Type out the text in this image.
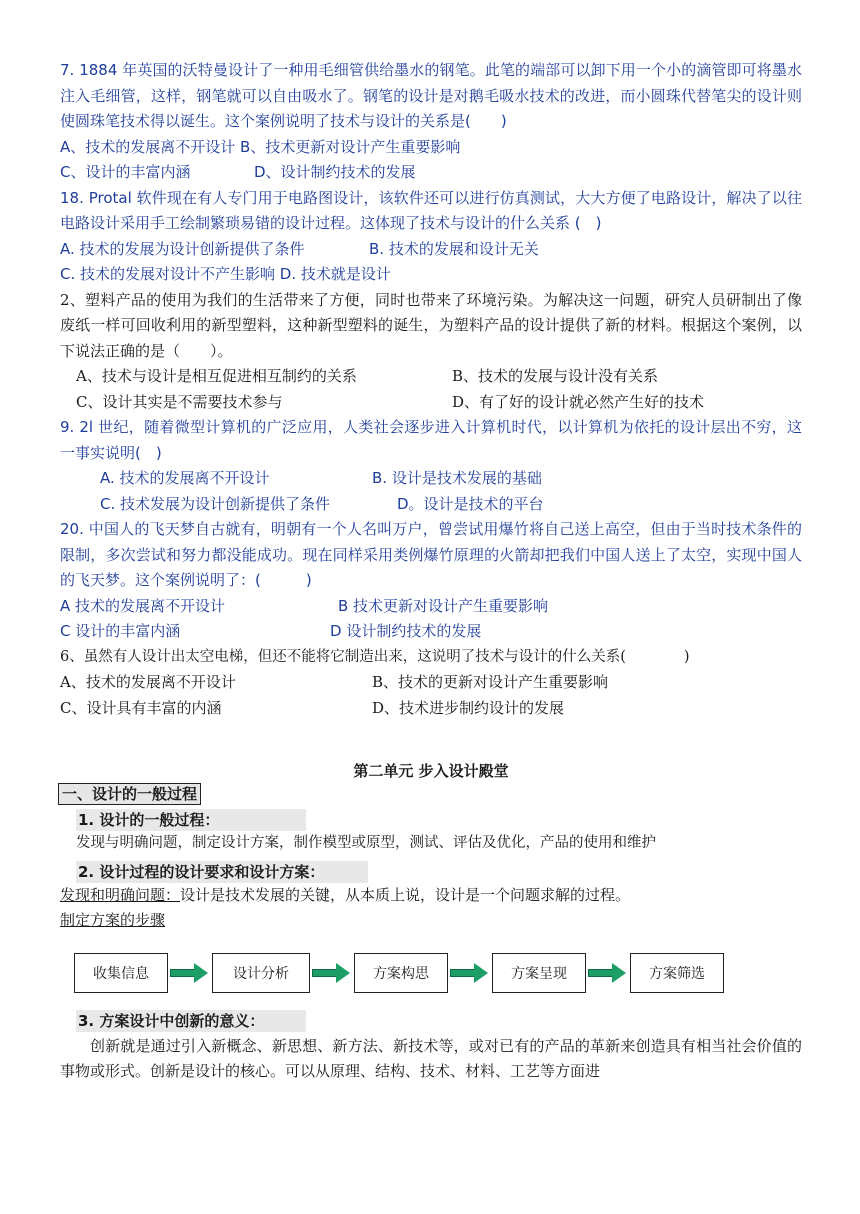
7. 1884 年英国的沃特曼设计了一种用毛细管供给墨水的钢笔。此笔的端部可以卸下用一个小的滴管即可将墨水注入毛细管，这样，钢笔就可以自由吸水了。钢笔的设计是对鹅毛吸水技术的改进，而小圆珠代替笔尖的设计则使圆珠笔技术得以诞生。这个案例说明了技术与设计的关系是(　　)

A、技术的发展离不开设计 B、技术更新对设计产生重要影响

C、设计的丰富内涵	D、设计制约技术的发展

18. Protal 软件现在有人专门用于电路图设计，该软件还可以进行仿真测试，大大方便了电路设计，解决了以往电路设计采用手工绘制繁琐易错的设计过程。这体现了技术与设计的什么关系 (　)

A. 技术的发展为设计创新提供了条件	B. 技术的发展和设计无关

C. 技术的发展对设计不产生影响 D. 技术就是设计

2、塑料产品的使用为我们的生活带来了方便，同时也带来了环境污染。为解决这一问题，研究人员研制出了像废纸一样可回收利用的新型塑料，这种新型塑料的诞生，为塑料产品的设计提供了新的材料。根据这个案例，以下说法正确的是（　　）。

A、技术与设计是相互促进相互制约的关系	B、技术的发展与设计没有关系
C、设计其实是不需要技术参与	D、有了好的设计就必然产生好的技术

9. 2l 世纪，随着微型计算机的广泛应用，人类社会逐步进入计算机时代，以计算机为依托的设计层出不穷，这一事实说明(　)

A. 技术的发展离不开设计	B. 设计是技术发展的基础
C. 技术发展为设计创新提供了条件	D。设计是技术的平台

20. 中国人的飞天梦自古就有，明朝有一个人名叫万户，曾尝试用爆竹将自己送上高空，但由于当时技术条件的限制，多次尝试和努力都没能成功。现在同样采用类例爆竹原理的火箭却把我们中国人送上了太空，实现中国人的飞天梦。这个案例说明了：(　　　)

A 技术的发展离不开设计	B 技术更新对设计产生重要影响
C 设计的丰富内涵	D 设计制约技术的发展

6、虽然有人设计出太空电梯，但还不能将它制造出来，这说明了技术与设计的什么关系(　　　　)

A、技术的发展离不开设计	B、技术的更新对设计产生重要影响
C、设计具有丰富的内涵	D、技术进步制约设计的发展
第二单元 步入设计殿堂
一、设计的一般过程
1. 设计的一般过程：

发现与明确问题，制定设计方案，制作模型或原型，测试、评估及优化，产品的使用和维护

2. 设计过程的设计要求和设计方案：

发现和明确问题：设计是技术发展的关键，从本质上说，设计是一个问题求解的过程。

制定方案的步骤

收集信息	设计分析	方案构思	方案呈现	方案筛选
3. 方案设计中创新的意义：

创新就是通过引入新概念、新思想、新方法、新技术等，或对已有的产品的革新来创造具有相当社会价值的事物或形式。创新是设计的核心。可以从原理、结构、技术、材料、工艺等方面进
